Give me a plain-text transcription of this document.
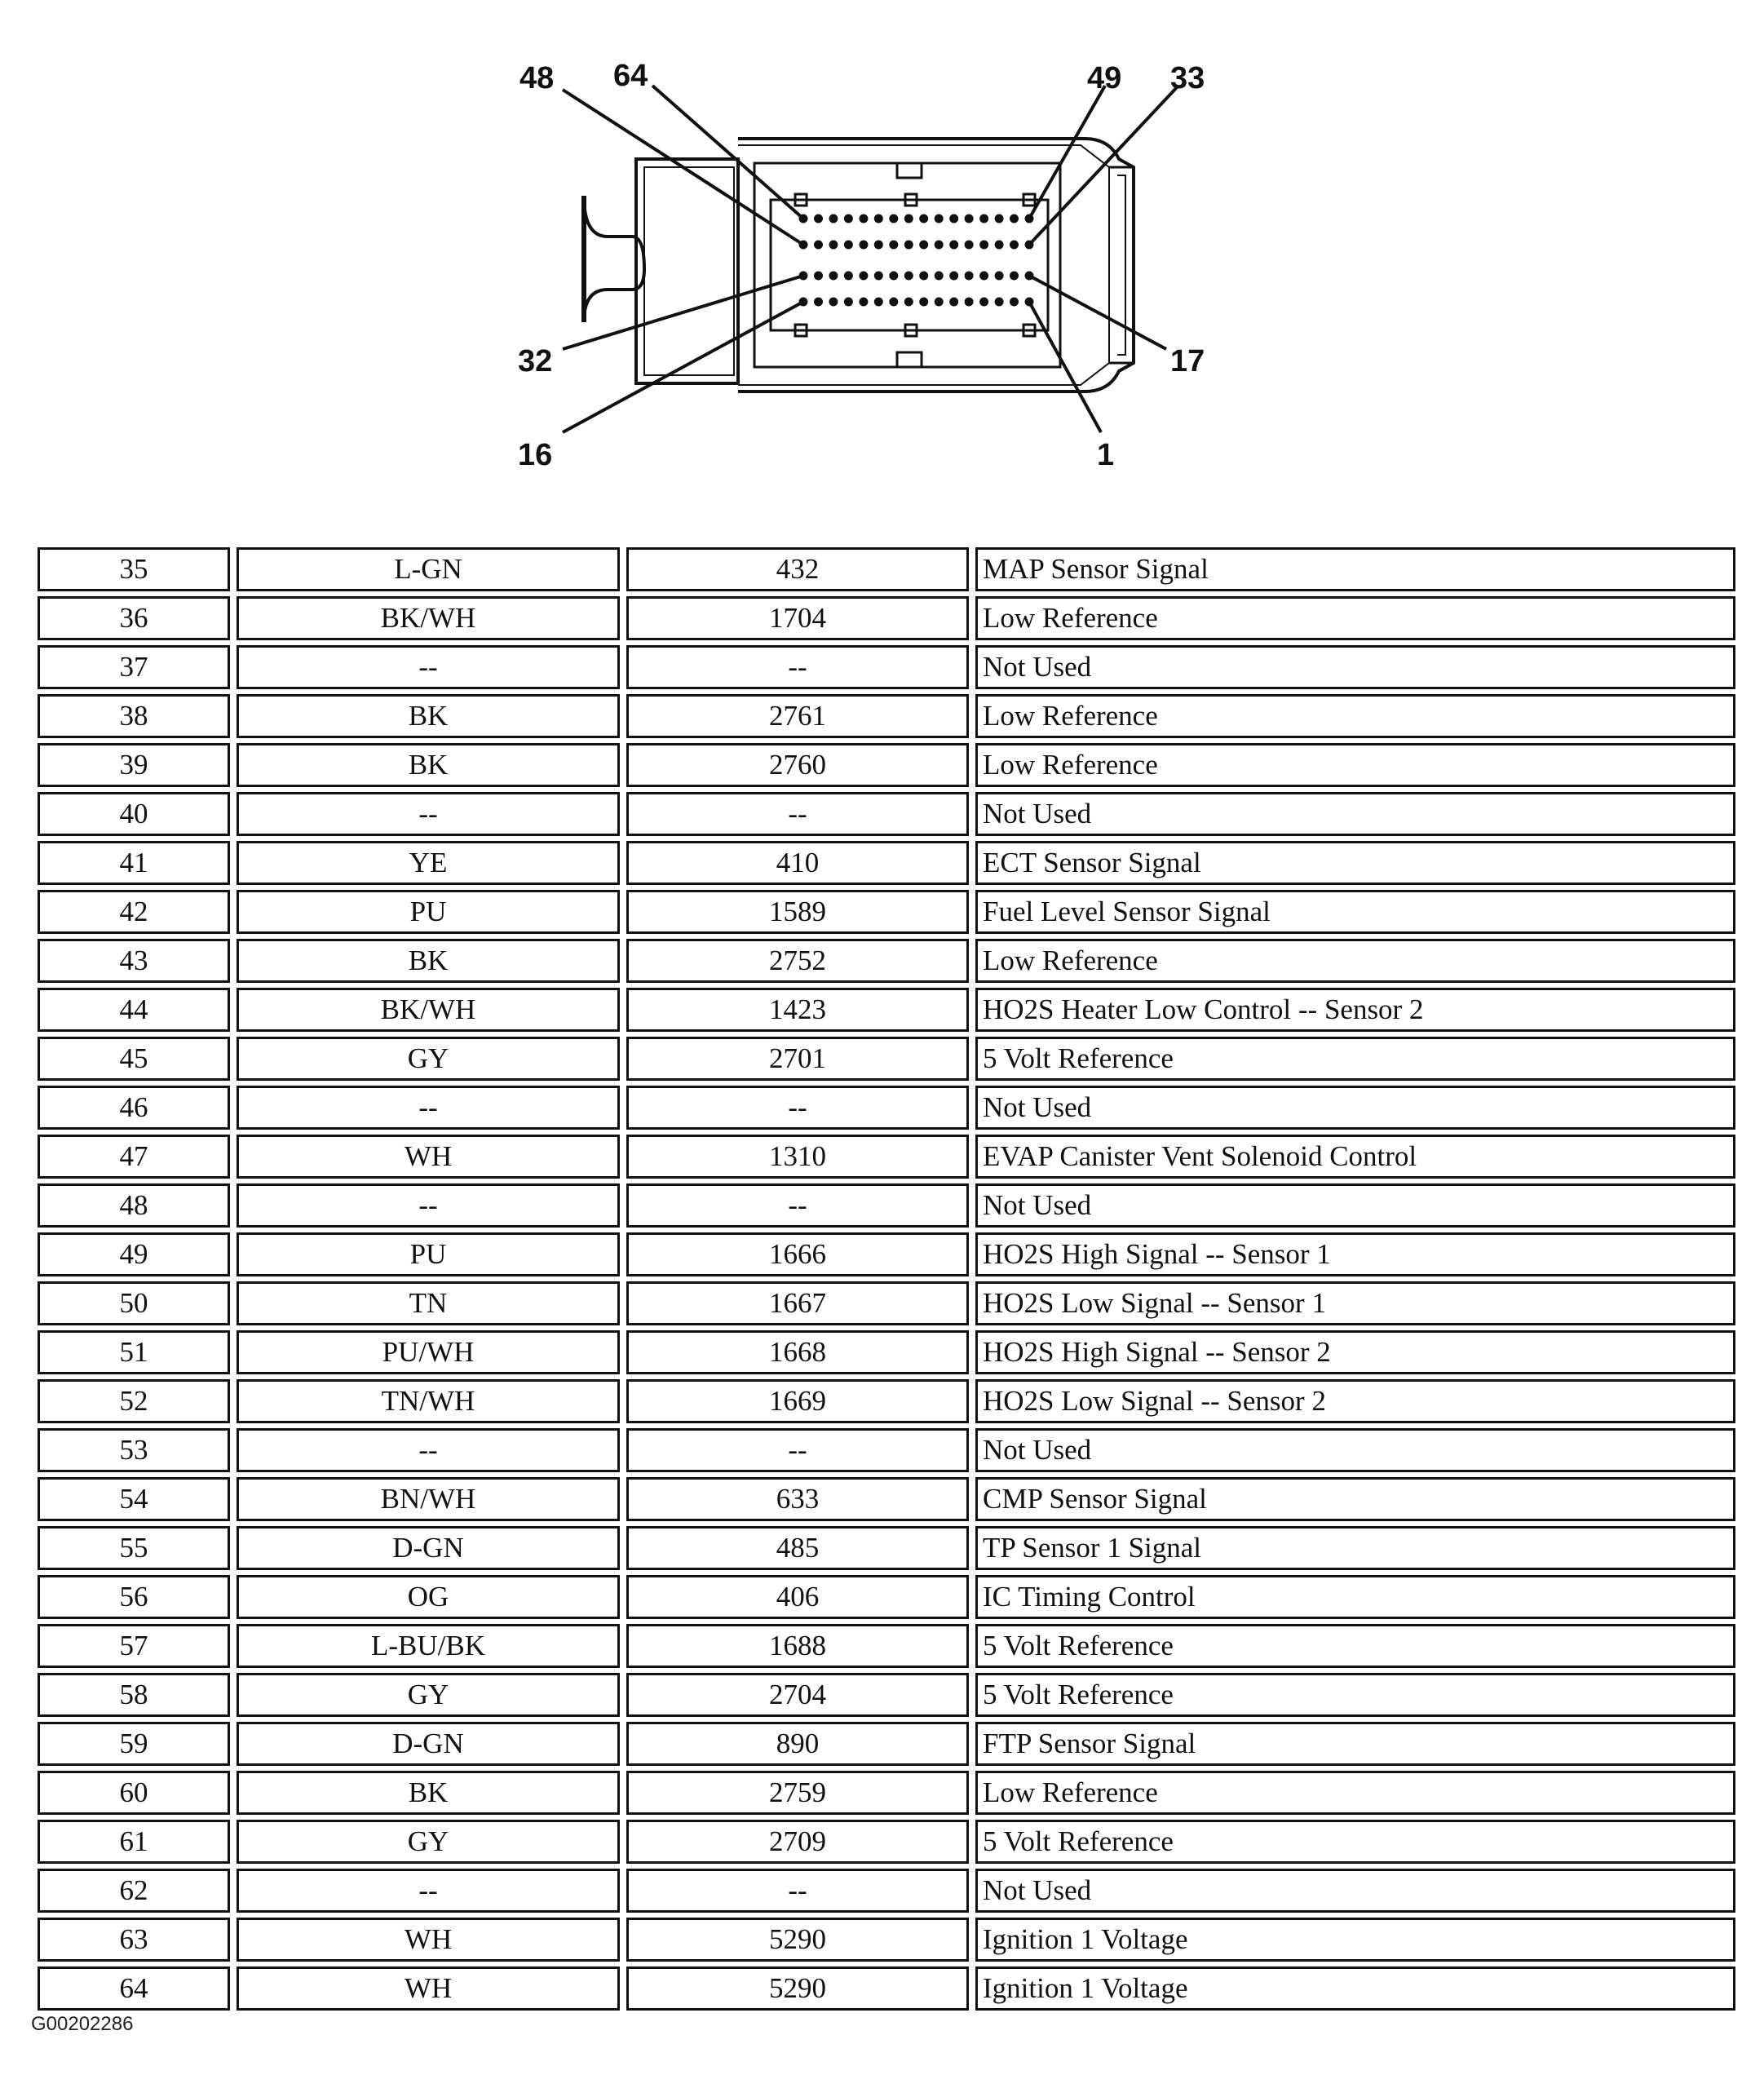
48 64	49 33
32	17
16	1
35	L-GN	432	MAP Sensor Signal
36	BK/WH	1704	Low Reference
37	--	--	Not Used
38	BK	2761	Low Reference
39	BK	2760	Low Reference
40	--	--	Not Used
41	YE	410	ECT Sensor Signal
42	PU	1589	Fuel Level Sensor Signal
43	BK	2752	Low Reference
44	BK/WH	1423	HO2S Heater Low Control -- Sensor 2
45	GY	2701	5 Volt Reference
46	--	--	Not Used
47	WH	1310	EVAP Canister Vent Solenoid Control
48	--	--	Not Used
49	PU	1666	HO2S High Signal -- Sensor 1
50	TN	1667	HO2S Low Signal -- Sensor 1
51	PU/WH	1668	HO2S High Signal -- Sensor 2
52	TN/WH	1669	HO2S Low Signal -- Sensor 2
53	--	--	Not Used
54	BN/WH	633	CMP Sensor Signal
55	D-GN	485	TP Sensor 1 Signal
56	OG	406	IC Timing Control
57	L-BU/BK	1688	5 Volt Reference
58	GY	2704	5 Volt Reference
59	D-GN	890	FTP Sensor Signal
60	BK	2759	Low Reference
61	GY	2709	5 Volt Reference
62	--	--	Not Used
63	WH	5290	Ignition 1 Voltage
64	WH	5290	Ignition 1 Voltage
G00202286
